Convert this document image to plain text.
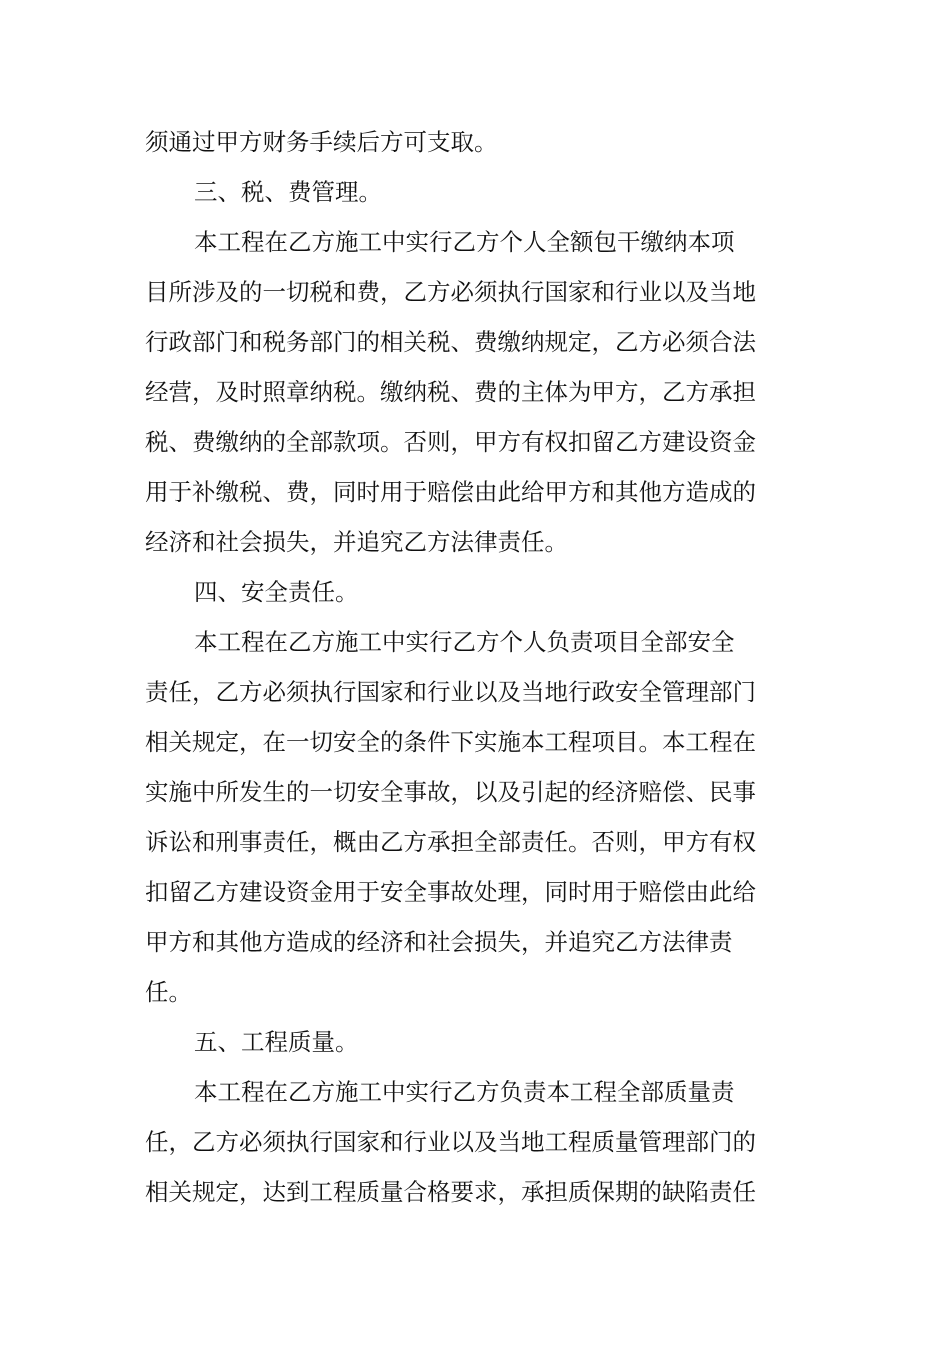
须通过甲方财务手续后方可支取。
三、税、费管理。
本工程在乙方施工中实行乙方个人全额包干缴纳本项
目所涉及的一切税和费，乙方必须执行国家和行业以及当地
行政部门和税务部门的相关税、费缴纳规定，乙方必须合法
经营，及时照章纳税。缴纳税、费的主体为甲方，乙方承担
税、费缴纳的全部款项。否则，甲方有权扣留乙方建设资金
用于补缴税、费，同时用于赔偿由此给甲方和其他方造成的
经济和社会损失，并追究乙方法律责任。
四、安全责任。
本工程在乙方施工中实行乙方个人负责项目全部安全
责任，乙方必须执行国家和行业以及当地行政安全管理部门
相关规定，在一切安全的条件下实施本工程项目。本工程在
实施中所发生的一切安全事故，以及引起的经济赔偿、民事
诉讼和刑事责任，概由乙方承担全部责任。否则，甲方有权
扣留乙方建设资金用于安全事故处理，同时用于赔偿由此给
甲方和其他方造成的经济和社会损失，并追究乙方法律责
任。
五、工程质量。
本工程在乙方施工中实行乙方负责本工程全部质量责
任，乙方必须执行国家和行业以及当地工程质量管理部门的
相关规定，达到工程质量合格要求，承担质保期的缺陷责任
